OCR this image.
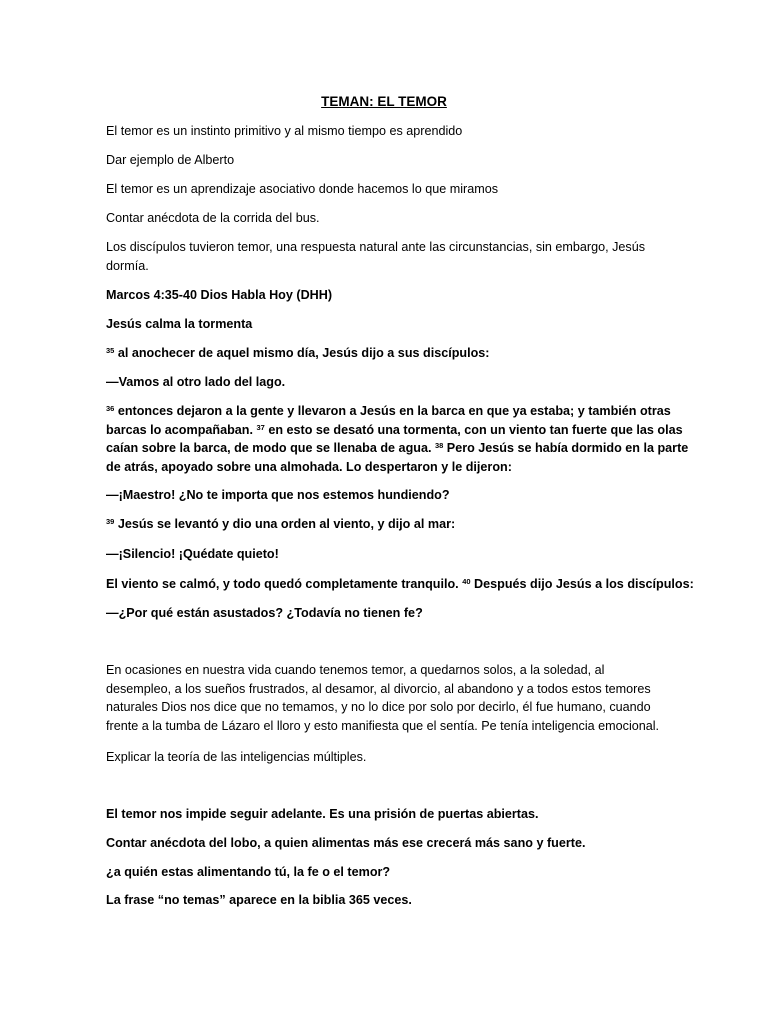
TEMAN: EL TEMOR
El temor es un instinto primitivo y al mismo tiempo es aprendido
Dar ejemplo de Alberto
El temor es un aprendizaje asociativo donde hacemos lo que miramos
Contar anécdota de la corrida del bus.
Los discípulos tuvieron temor, una respuesta natural ante las circunstancias, sin embargo, Jesús
dormía.
Marcos 4:35-40 Dios Habla Hoy (DHH)
Jesús calma la tormenta
$^{35}$ al anochecer de aquel mismo día, Jesús dijo a sus discípulos:
—Vamos al otro lado del lago.
$^{36}$ entonces dejaron a la gente y llevaron a Jesús en la barca en que ya estaba; y también otras
barcas lo acompañaban. $^{37}$ en esto se desató una tormenta, con un viento tan fuerte que las olas
caían sobre la barca, de modo que se llenaba de agua. $^{38}$ Pero Jesús se había dormido en la parte
de atrás, apoyado sobre una almohada. Lo despertaron y le dijeron:
—¡Maestro! ¿No te importa que nos estemos hundiendo?
$^{39}$ Jesús se levantó y dio una orden al viento, y dijo al mar:
—¡Silencio! ¡Quédate quieto!
El viento se calmó, y todo quedó completamente tranquilo. $^{40}$ Después dijo Jesús a los discípulos:
—¿Por qué están asustados? ¿Todavía no tienen fe?
En ocasiones en nuestra vida cuando tenemos temor, a quedarnos solos, a la soledad, al
desempleo, a los sueños frustrados, al desamor, al divorcio, al abandono y a todos estos temores
naturales Dios nos dice que no temamos, y no lo dice por solo por decirlo, él fue humano, cuando
frente a la tumba de Lázaro el lloro y esto manifiesta que el sentía. Pe tenía inteligencia emocional.
Explicar la teoría de las inteligencias múltiples.
El temor nos impide seguir adelante. Es una prisión de puertas abiertas.
Contar anécdota del lobo, a quien alimentas más ese crecerá más sano y fuerte.
¿a quién estas alimentando tú, la fe o el temor?
La frase “no temas” aparece en la biblia 365 veces.
